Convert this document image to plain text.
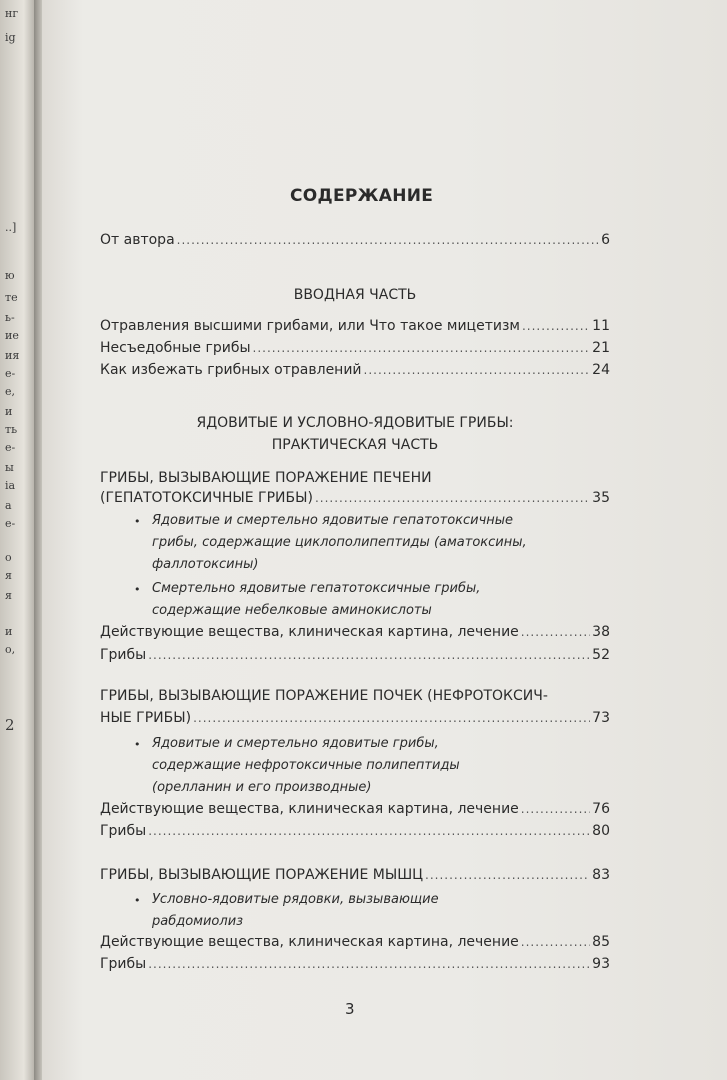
нг
ig
..]
ю
те
ь-
ие
ия
e-
е,
и
ть
е-
ы
ia
а
е-
о
я
я
и
о,
2
СОДЕРЖАНИЕ
От автора .....	6
ВВОДНАЯ ЧАСТЬ
Отравления высшими грибами, или Что такое мицетизм .....	11
Несъедобные грибы .....	21
Как избежать грибных отравлений .....	24
ЯДОВИТЫЕ И УСЛОВНО-ЯДОВИТЫЕ ГРИБЫ:
ПРАКТИЧЕСКАЯ ЧАСТЬ
ГРИБЫ, ВЫЗЫВАЮЩИЕ ПОРАЖЕНИЕ ПЕЧЕНИ
(ГЕПАТОТОКСИЧНЫЕ ГРИБЫ) .....	35
• Ядовитые и смертельно ядовитые гепатотоксичные
грибы, содержащие циклополипептиды (аматоксины,
фаллотоксины)
• Смертельно ядовитые гепатотоксичные грибы,
содержащие небелковые аминокислоты
Действующие вещества, клиническая картина, лечение .....	38
Грибы .....	52
ГРИБЫ, ВЫЗЫВАЮЩИЕ ПОРАЖЕНИЕ ПОЧЕК (НЕФРОТОКСИЧ-
НЫЕ ГРИБЫ) .....	73
• Ядовитые и смертельно ядовитые грибы,
содержащие нефротоксичные полипептиды
(орелланин и его производные)
Действующие вещества, клиническая картина, лечение .....	76
Грибы .....	80
ГРИБЫ, ВЫЗЫВАЮЩИЕ ПОРАЖЕНИЕ МЫШЦ .....	83
• Условно-ядовитые рядовки, вызывающие
рабдомиолиз
Действующие вещества, клиническая картина, лечение .....	85
Грибы .....	93
3
